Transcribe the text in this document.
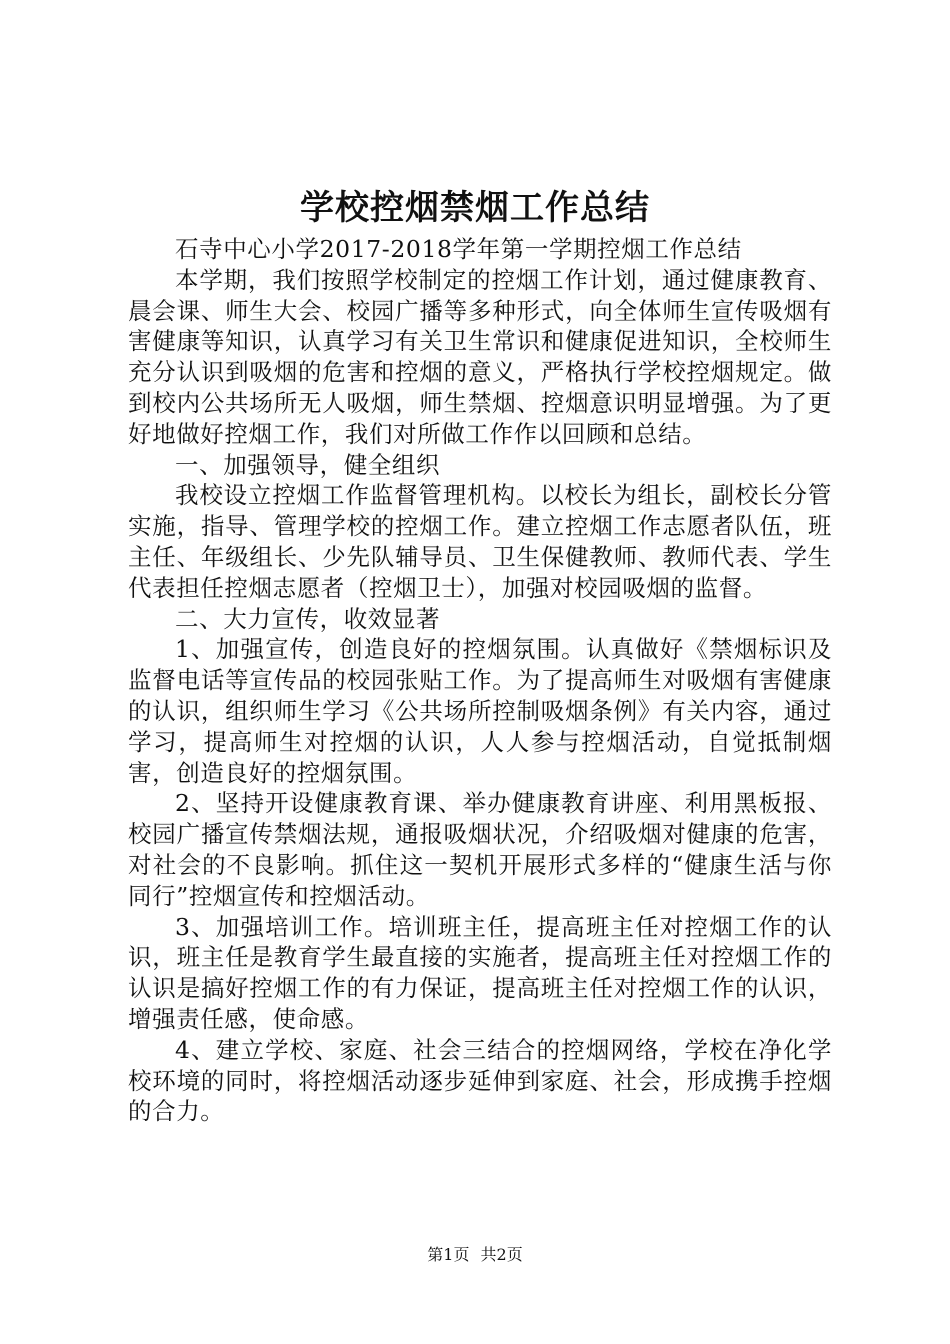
学校控烟禁烟工作总结

石寺中心小学2017-2018学年第一学期控烟工作总结

本学期，我们按照学校制定的控烟工作计划，通过健康教育、晨会课、师生大会、校园广播等多种形式，向全体师生宣传吸烟有害健康等知识，认真学习有关卫生常识和健康促进知识，全校师生充分认识到吸烟的危害和控烟的意义，严格执行学校控烟规定。做到校内公共场所无人吸烟，师生禁烟、控烟意识明显增强。为了更好地做好控烟工作，我们对所做工作作以回顾和总结。

一、加强领导，健全组织

我校设立控烟工作监督管理机构。以校长为组长，副校长分管实施，指导、管理学校的控烟工作。建立控烟工作志愿者队伍，班主任、年级组长、少先队辅导员、卫生保健教师、教师代表、学生代表担任控烟志愿者（控烟卫士），加强对校园吸烟的监督。

二、大力宣传，收效显著

1、加强宣传，创造良好的控烟氛围。认真做好《禁烟标识及监督电话等宣传品的校园张贴工作。为了提高师生对吸烟有害健康的认识，组织师生学习《公共场所控制吸烟条例》有关内容，通过学习，提高师生对控烟的认识，人人参与控烟活动，自觉抵制烟害，创造良好的控烟氛围。

2、坚持开设健康教育课、举办健康教育讲座、利用黑板报、校园广播宣传禁烟法规，通报吸烟状况，介绍吸烟对健康的危害，对社会的不良影响。抓住这一契机开展形式多样的“健康生活与你同行”控烟宣传和控烟活动。

3、加强培训工作。培训班主任，提高班主任对控烟工作的认识，班主任是教育学生最直接的实施者，提高班主任对控烟工作的认识是搞好控烟工作的有力保证，提高班主任对控烟工作的认识，增强责任感，使命感。

4、建立学校、家庭、社会三结合的控烟网络，学校在净化学校环境的同时，将控烟活动逐步延伸到家庭、社会，形成携手控烟的合力。

第1页 共2页
